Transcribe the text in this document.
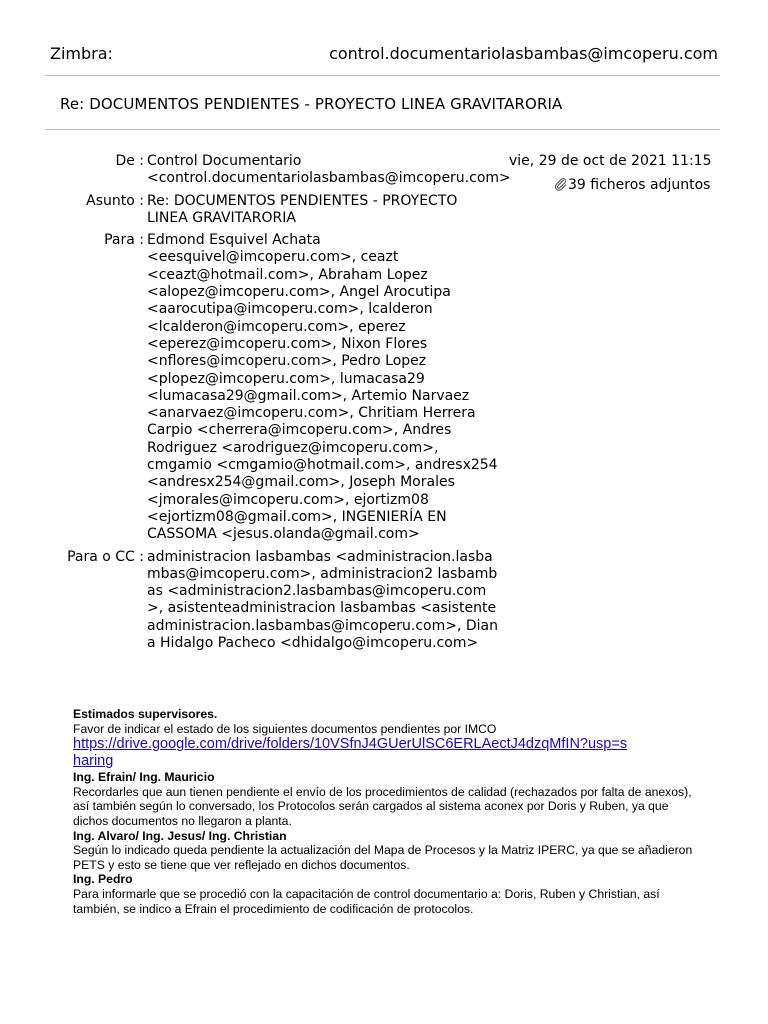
Zimbra:	control.documentariolasbambas@imcoperu.com
Re: DOCUMENTOS PENDIENTES - PROYECTO LINEA GRAVITARORIA
De : Control Documentario
<control.documentariolasbambas@imcoperu.com>
vie, 29 de oct de 2021 11:15
39 ficheros adjuntos
Asunto : Re: DOCUMENTOS PENDIENTES - PROYECTO LINEA GRAVITARORIA
Para : Edmond Esquivel Achata <eesquivel@imcoperu.com>, ceazt <ceazt@hotmail.com>, Abraham Lopez <alopez@imcoperu.com>, Angel Arocutipa <aarocutipa@imcoperu.com>, lcalderon <lcalderon@imcoperu.com>, eperez <eperez@imcoperu.com>, Nixon Flores <nflores@imcoperu.com>, Pedro Lopez <plopez@imcoperu.com>, lumacasa29 <lumacasa29@gmail.com>, Artemio Narvaez <anarvaez@imcoperu.com>, Chritiam Herrera Carpio <cherrera@imcoperu.com>, Andres Rodriguez <arodriguez@imcoperu.com>, cmgamio <cmgamio@hotmail.com>, andresx254 <andresx254@gmail.com>, Joseph Morales <jmorales@imcoperu.com>, ejortizm08 <ejortizm08@gmail.com>, INGENIERÍA EN CASSOMA <jesus.olanda@gmail.com>
Para o CC : administracion lasbambas <administracion.lasbambas@imcoperu.com>, administracion2 lasbambas <administracion2.lasbambas@imcoperu.com>, asistenteadministracion lasbambas <asistenteadministracion.lasbambas@imcoperu.com>, Diana Hidalgo Pacheco <dhidalgo@imcoperu.com>
Estimados supervisores.
Favor de indicar el estado de los siguientes documentos pendientes por IMCO
https://drive.google.com/drive/folders/10VSfnJ4GUerUlSC6ERLAectJ4dzqMfIN?usp=sharing
Ing. Efrain/ Ing. Mauricio
Recordarles que aun tienen pendiente el envío de los procedimientos de calidad (rechazados por falta de anexos), así también según lo conversado, los Protocolos serán cargados al sistema aconex por Doris y Ruben, ya que dichos documentos no llegaron a planta.
Ing. Alvaro/ Ing. Jesus/ Ing. Christian
Según lo indicado queda pendiente la actualización del Mapa de Procesos y la Matriz IPERC, ya que se añadieron PETS y esto se tiene que ver reflejado en dichos documentos.
Ing. Pedro
Para informarle que se procedió con la capacitación de control documentario a: Doris, Ruben y Christian, así también, se indico a Efrain el procedimiento de codificación de protocolos.
